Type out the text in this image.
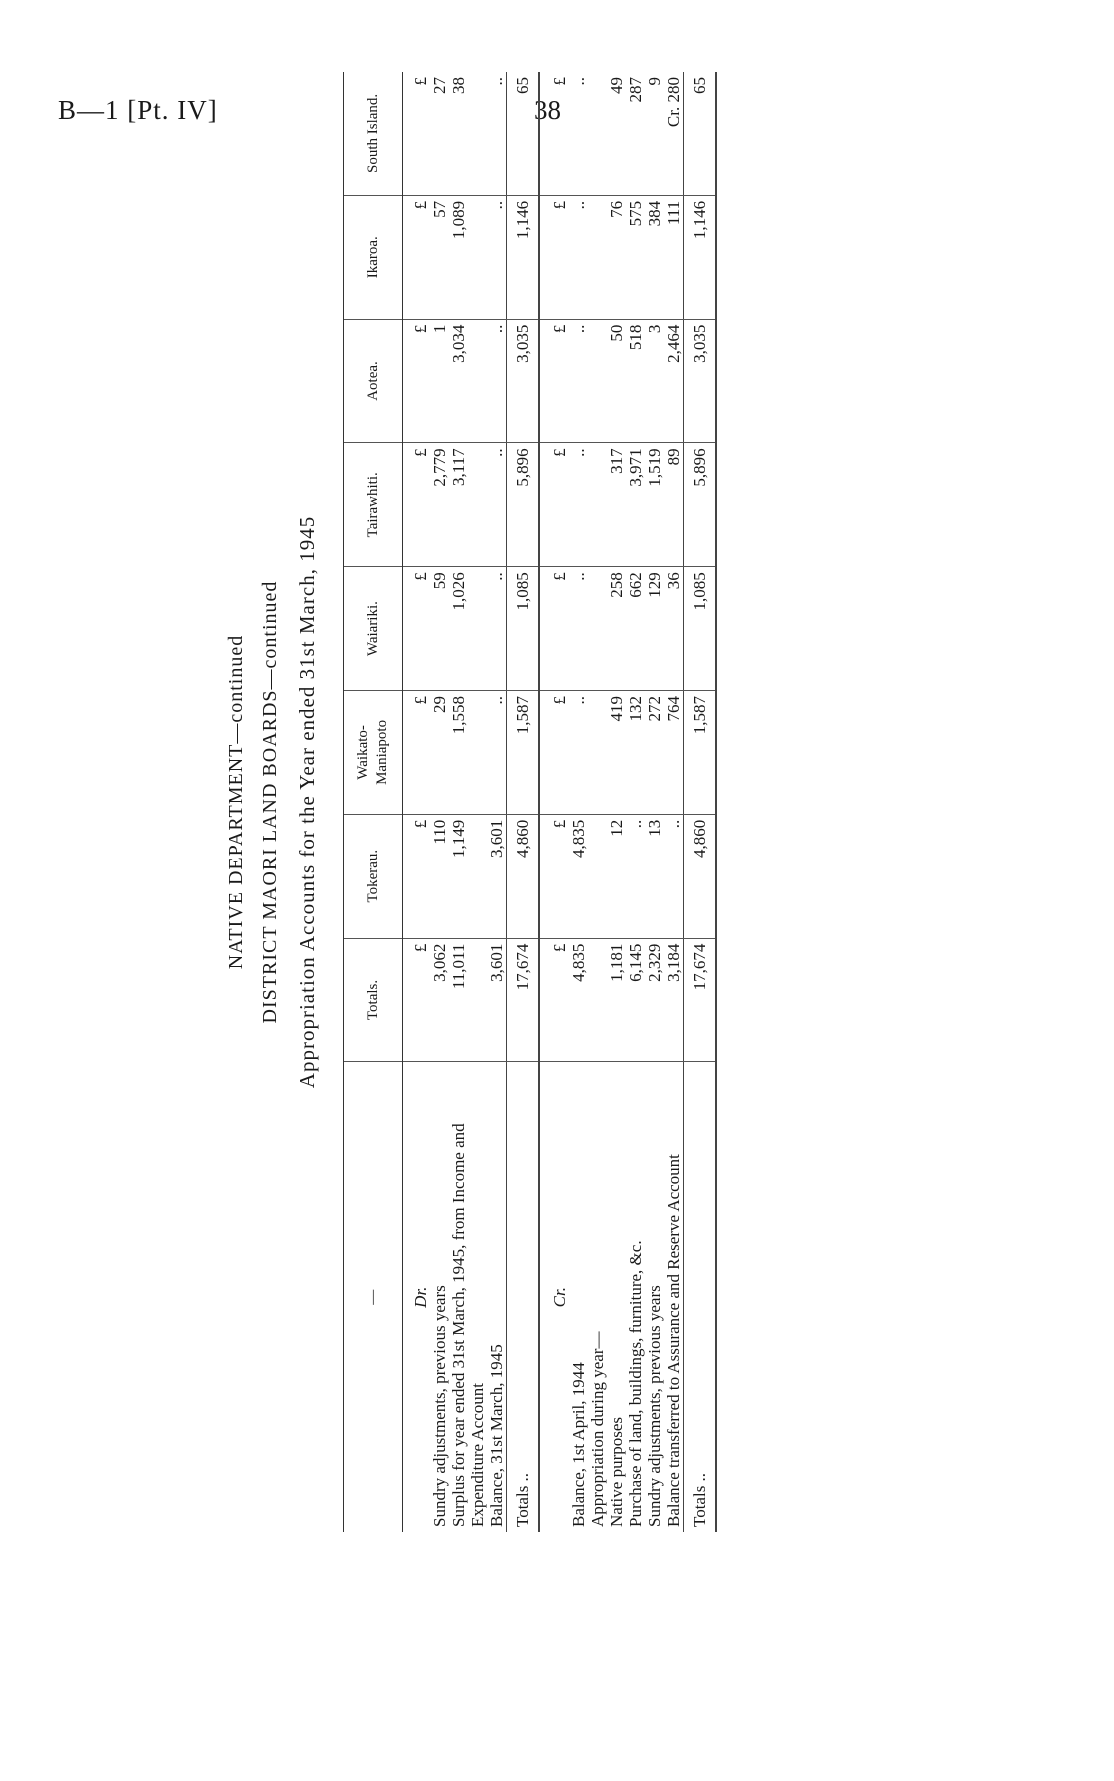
B—1 [Pt. IV]	38
NATIVE DEPARTMENT—continued DISTRICT MAORI LAND BOARDS—continued Appropriation Accounts for the Year ended 31st March, 1945
—	Totals.	Tokerau.	Waikato-Maniapoto	Waiariki.	Tairawhiti.	Aotea.	Ikaroa.	South Island.
Dr.	£	£	£	£	£	£	£	£
Sundry adjustments, previous years	3,062	110	29	59	2,779	1	57	27
Surplus for year ended 31st March, 1945, from Income and Expenditure Account	11,011	1,149	1,558	1,026	3,117	3,034	1,089	38
Balance, 31st March, 1945	3,601	3,601	..	..	..	..	..	..
Totals ..	17,674	4,860	1,587	1,085	5,896	3,035	1,146	65
Cr.	£	£	£	£	£	£	£	£
Balance, 1st April, 1944	4,835	4,835	..	..	..	..	..	..
Appropriation during year—								
Native purposes	1,181	12	419	258	317	50	76	49
Purchase of land, buildings, furniture, &c.	6,145	..	132	662	3,971	518	575	287
Sundry adjustments, previous years	2,329	13	272	129	1,519	3	384	9
Balance transferred to Assurance and Reserve Account	3,184	..	764	36	89	2,464	111	Cr. 280
Totals ..	17,674	4,860	1,587	1,085	5,896	3,035	1,146	65
